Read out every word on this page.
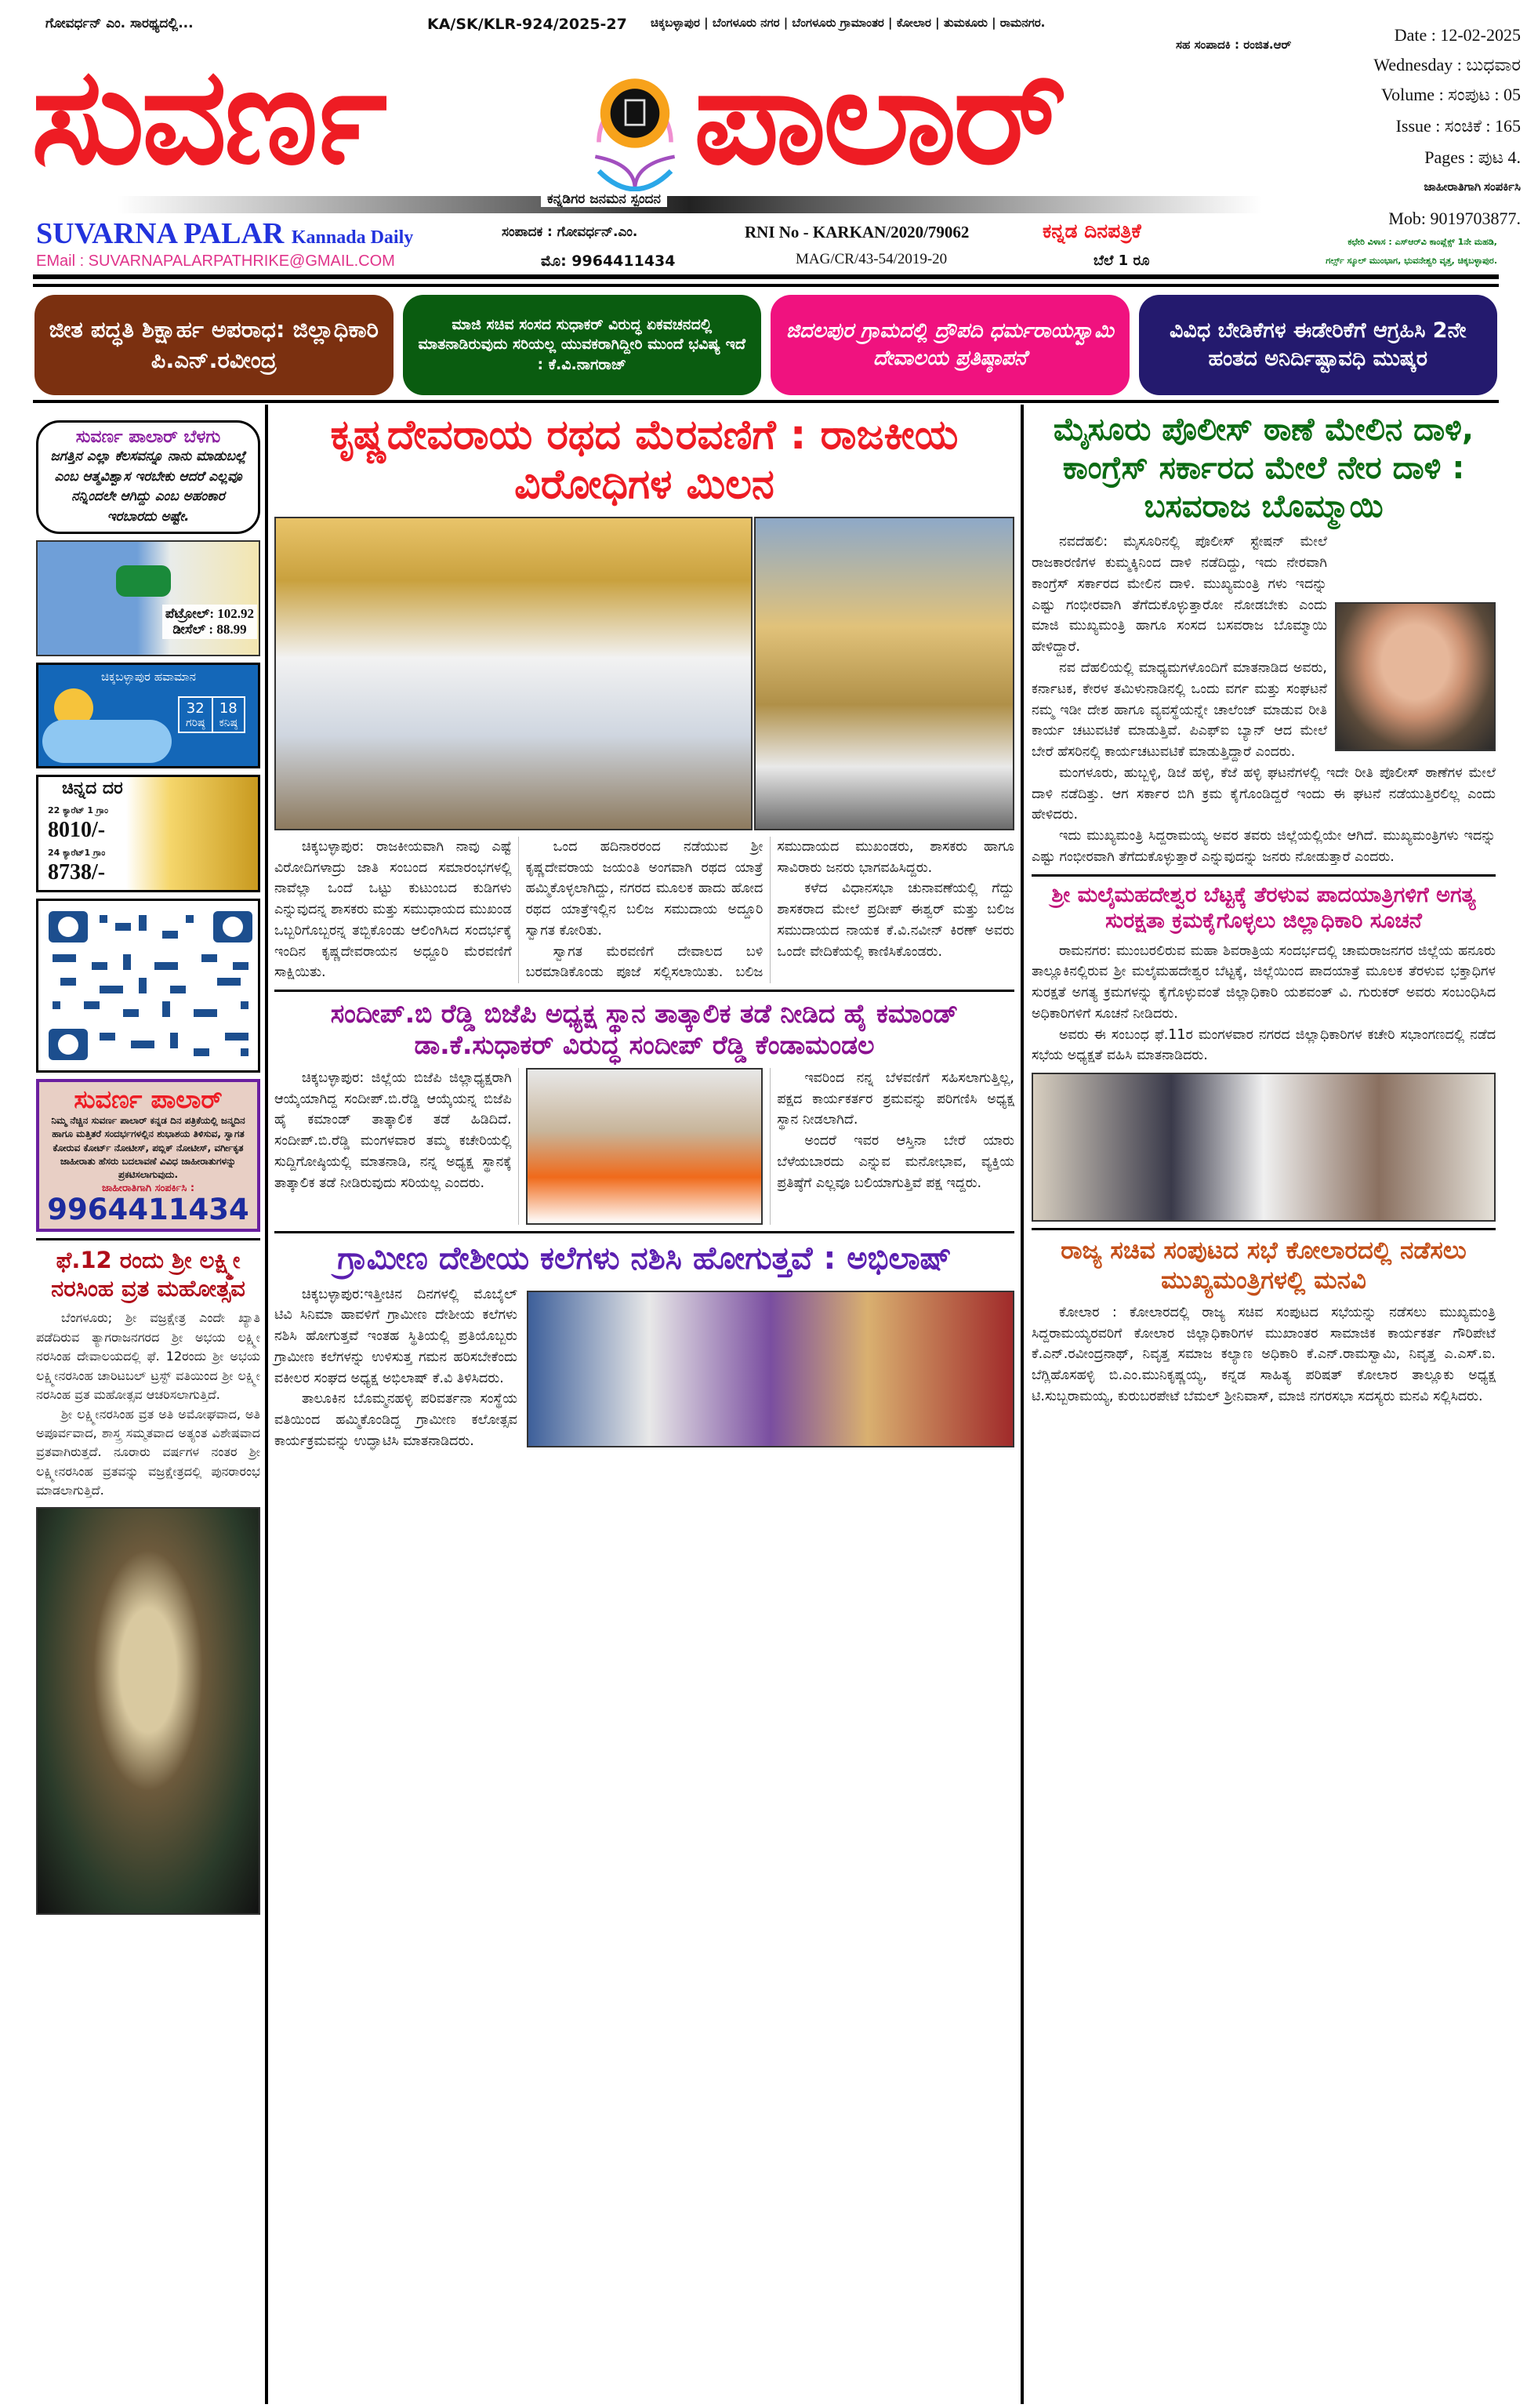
ಗೋವರ್ಧನ್ ಎಂ. ಸಾರಥ್ಯದಲ್ಲಿ...	KA/SK/KLR-924/2025-27 ಚಿಕ್ಕಬಳ್ಳಾಪುರ | ಬೆಂಗಳೂರು ನಗರ | ಬೆಂಗಳೂರು ಗ್ರಾಮಾಂತರ | ಕೋಲಾರ | ತುಮಕೂರು | ರಾಮನಗರ.
ಸಹ ಸಂಪಾದಕಿ : ರಂಜಿತ.ಆರ್
ಸುವರ್ಣ ಪಾಲಾರ್
Date : 12-02-2025
Wednesday : ಬುಧವಾರ
Volume : ಸಂಪುಟ : 05
Issue : ಸಂಚಿಕೆ : 165
Pages : ಪುಟ 4.
ಜಾಹೀರಾತಿಗಾಗಿ ಸಂಪರ್ಕಿಸಿ
Mob: 9019703877.
ಕನ್ನಡಿಗರ ಜನಮನ ಸ್ಪಂದನ
SUVARNA PALAR Kannada Daily
EMail : SUVARNAPALARPATHRIKE@GMAIL.COM
ಸಂಪಾದಕ : ಗೋವರ್ಧನ್.ಎಂ.
ಮೊ: 9964411434
RNI No - KARKAN/2020/79062
MAG/CR/43-54/2019-20
ಕನ್ನಡ ದಿನಪತ್ರಿಕೆ
ಬೆಲೆ 1 ರೂ
ಕಛೇರಿ ವಿಳಾಸ : ಎಸ್‌ಆರ್‌ವಿ ಕಾಂಪ್ಲೆಕ್ಸ್ 1ನೇ ಮಹಡಿ,
ಗರ್ಲ್ಸ್ ಸ್ಕೂಲ್ ಮುಂಭಾಗ, ಭುವನೇಶ್ವರಿ ವೃತ್ತ, ಚಿಕ್ಕಬಳ್ಳಾಪುರ.
ಜೀತ ಪದ್ಧತಿ ಶಿಕ್ಷಾರ್ಹ ಅಪರಾಧ: ಜಿಲ್ಲಾಧಿಕಾರಿ ಪಿ.ಎನ್.ರವೀಂದ್ರ
ಮಾಜಿ ಸಚಿವ ಸಂಸದ ಸುಧಾಕರ್ ವಿರುದ್ಧ ಏಕವಚನದಲ್ಲಿ ಮಾತನಾಡಿರುವುದು ಸರಿಯಲ್ಲ ಯುವಕರಾಗಿದ್ದೀರಿ ಮುಂದೆ ಭವಿಷ್ಯ ಇದೆ : ಕೆ.ವಿ.ನಾಗರಾಜ್
ಜಿದಲಪುರ ಗ್ರಾಮದಲ್ಲಿ ದ್ರೌಪದಿ ಧರ್ಮರಾಯಸ್ವಾಮಿ ದೇವಾಲಯ ಪ್ರತಿಷ್ಠಾಪನೆ
ವಿವಿಧ ಬೇಡಿಕೆಗಳ ಈಡೇರಿಕೆಗೆ ಆಗ್ರಹಿಸಿ 2ನೇ ಹಂತದ ಅನಿರ್ದಿಷ್ಟಾವಧಿ ಮುಷ್ಕರ
ಸುವರ್ಣ ಪಾಲಾರ್ ಬೆಳಗು
ಜಗತ್ತಿನ ಎಲ್ಲಾ ಕೆಲಸವನ್ನೂ ನಾನು ಮಾಡುಬಲ್ಲೆ ಎಂಬ ಆತ್ಮವಿಶ್ವಾಸ ಇರಬೇಕು ಆದರೆ ಎಲ್ಲವೂ ನನ್ನಿಂದಲೇ ಆಗಿದ್ದು ಎಂಬ ಅಹಂಕಾರ ಇರಬಾರದು ಅಷ್ಟೇ.
ಪೆಟ್ರೋಲ್: 102.92
ಡೀಸೆಲ್ : 88.99
ಚಿಕ್ಕಬಳ್ಳಾಪುರ ಹವಾಮಾನ
32
ಗರಿಷ್ಠ
18
ಕನಿಷ್ಠ
ಚಿನ್ನದ ದರ
22 ಕ್ಯಾರೆಟ್ 1 ಗ್ರಾಂ
8010/-
24 ಕ್ಯಾರೆಟ್1 ಗ್ರಾಂ
8738/-
ಸುವರ್ಣ ಪಾಲಾರ್
ನಿಮ್ಮ ನೆಚ್ಚಿನ ಸುವರ್ಣ ಪಾಲಾರ್ ಕನ್ನಡ ದಿನ ಪತ್ರಿಕೆಯಲ್ಲಿ ಜನ್ಮದಿನ ಹಾಗೂ ಮತ್ತಿತರೆ ಸಂದರ್ಭಗಳಲ್ಲಿನ ಶುಭಾಶಯ ತಿಳಿಸುವ, ಸ್ವಾಗತ ಕೋರುವ ಕೋರ್ಟ್ ನೋಟೀಸ್, ಪಬ್ಲಿಕ್ ನೋಟೀಸ್, ವರ್ಗೀಕೃತ ಜಾಹೀರಾತು ಹೆಸರು ಬದಲಾವಣೆ ವಿವಿಧ ಜಾಹೀರಾತುಗಳನ್ನು ಪ್ರಕಟಿಸಲಾಗುವುದು.
ಜಾಹೀರಾತಿಗಾಗಿ ಸಂಪರ್ಕಿಸಿ :
9964411434
ಫೆ.12 ರಂದು ಶ್ರೀ ಲಕ್ಷ್ಮೀ ನರಸಿಂಹ ವ್ರತ ಮಹೋತ್ಸವ

ಬೆಂಗಳೂರು; ಶ್ರೀ ವಜ್ರಕ್ಷೇತ್ರ ಎಂದೇ ಖ್ಯಾತಿ ಪಡೆದಿರುವ ತ್ಯಾಗರಾಜನಗರದ ಶ್ರೀ ಅಭಯ ಲಕ್ಷ್ಮೀ ನರಸಿಂಹ ದೇವಾಲಯದಲ್ಲಿ ಫೆ. 12ರಂದು ಶ್ರೀ ಅಭಯ ಲಕ್ಷ್ಮೀನರಸಿಂಹ ಚಾರಿಟಬಲ್ ಟ್ರಸ್ಟ್ ವತಿಯಿಂದ ಶ್ರೀ ಲಕ್ಷ್ಮೀ ನರಸಿಂಹ ವ್ರತ ಮಹೋತ್ಸವ ಆಚರಿಸಲಾಗುತ್ತಿದೆ.

ಶ್ರೀ ಲಕ್ಷ್ಮೀನರಸಿಂಹ ವ್ರತ ಅತಿ ಅಮೋಘವಾದ, ಅತಿ ಅಪೂರ್ವವಾದ, ಶಾಸ್ತ್ರ ಸಮ್ಮತವಾದ ಅತ್ಯಂತ ವಿಶೇಷವಾದ ವ್ರತವಾಗಿರುತ್ತದೆ. ನೂರಾರು ವರ್ಷಗಳ ನಂತರ ಶ್ರೀ ಲಕ್ಷ್ಮೀನರಸಿಂಹ ವ್ರತವನ್ನು ವಜ್ರಕ್ಷೇತ್ರದಲ್ಲಿ ಪುನರಾರಂಭ ಮಾಡಲಾಗುತ್ತಿದೆ.

ಕೃಷ್ಣದೇವರಾಯ ರಥದ ಮೆರವಣಿಗೆ : ರಾಜಕೀಯ ವಿರೋಧಿಗಳ ಮಿಲನ

ಚಿಕ್ಕಬಳ್ಳಾಪುರ: ರಾಜಕೀಯವಾಗಿ ನಾವು ಎಷ್ಟೆ ವಿರೋದಿಗಳಾದ್ರು ಜಾತಿ ಸಂಬಂದ ಸಮಾರಂಭಗಳಲ್ಲಿ ನಾವೆಲ್ಲಾ ಒಂದೆ ಒಟ್ಟು ಕುಟುಂಬದ ಕುಡಿಗಳು ಎನ್ನುವುದನ್ನ ಶಾಸಕರು ಮತ್ತು ಸಮುಧಾಯದ ಮುಖಂಡ ಒಬ್ಬರಿಗೊಬ್ಬರನ್ನ ತಬ್ಬಿಕೊಂಡು ಆಲಿಂಗಿಸಿದ ಸಂದರ್ಭಕ್ಕೆ ಇಂದಿನ ಕೃಷ್ಣದೇವರಾಯನ ಅಧ್ದೂರಿ ಮೆರವಣಿಗೆ ಸಾಕ್ಷಿಯಿತು.

ಒಂದ ಹದಿನಾರರಂದ ನಡೆಯುವ ಶ್ರೀ ಕೃಷ್ಣದೇವರಾಯ ಜಯಂತಿ ಅಂಗವಾಗಿ ರಥದ ಯಾತ್ರೆ ಹಮ್ಮಿಕೊಳ್ಳಲಾಗಿದ್ದು, ನಗರದ ಮೂಲಕ ಹಾದು ಹೋದ ರಥದ ಯಾತ್ರೆಇಲ್ಲಿನ ಬಲಿಜ ಸಮುದಾಯ ಅದ್ದೂರಿ ಸ್ವಾಗತ ಕೋರಿತು.

ಸ್ವಾಗತ ಮೆರವಣಿಗೆ ದೇವಾಲದ ಬಳಿ ಬರಮಾಡಿಕೊಂಡು ಪೂಜೆ ಸಲ್ಲಿಸಲಾಯಿತು. ಬಲಿಜ ಸಮುದಾಯದ ಮುಖಂಡರು, ಶಾಸಕರು ಹಾಗೂ ಸಾವಿರಾರು ಜನರು ಭಾಗವಹಿಸಿದ್ದರು.

ಕಳೆದ ವಿಧಾನಸಭಾ ಚುನಾವಣೆಯಲ್ಲಿ ಗೆದ್ದು ಶಾಸಕರಾದ ಮೇಲೆ ಪ್ರದೀಪ್ ಈಶ್ವರ್ ಮತ್ತು ಬಲಿಜ ಸಮುದಾಯದ ನಾಯಕ ಕೆ.ವಿ.ನವೀನ್ ಕಿರಣ್ ಅವರು ಒಂದೇ ವೇದಿಕೆಯಲ್ಲಿ ಕಾಣಿಸಿಕೊಂಡರು.

ಸಂದೀಪ್.ಬಿ ರೆಡ್ಡಿ ಬಿಜೆಪಿ ಅಧ್ಯಕ್ಷ ಸ್ಥಾನ ತಾತ್ಕಾಲಿಕ ತಡೆ ನೀಡಿದ ಹೈ ಕಮಾಂಡ್ ಡಾ.ಕೆ.ಸುಧಾಕರ್ ವಿರುದ್ಧ ಸಂದೀಪ್ ರೆಡ್ಡಿ ಕೆಂಡಾಮಂಡಲ

ಚಿಕ್ಕಬಳ್ಳಾಪುರ: ಜಿಲ್ಲೆಯ ಬಿಜೆಪಿ ಜಿಲ್ಲಾಧ್ಯಕ್ಷರಾಗಿ ಆಯ್ಕೆಯಾಗಿದ್ದ ಸಂದೀಪ್.ಬಿ.ರೆಡ್ಡಿ ಆಯ್ಕೆಯನ್ನ ಬಿಜೆಪಿ ಹೈ ಕಮಾಂಡ್ ತಾತ್ಕಾಲಿಕ ತಡೆ ಹಿಡಿದಿದೆ. ಸಂದೀಪ್.ಬಿ.ರೆಡ್ಡಿ ಮಂಗಳವಾರ ತಮ್ಮ ಕಚೇರಿಯಲ್ಲಿ ಸುದ್ದಿಗೋಷ್ಠಿಯಲ್ಲಿ ಮಾತನಾಡಿ, ನನ್ನ ಅಧ್ಯಕ್ಷ ಸ್ಥಾನಕ್ಕೆ ತಾತ್ಕಾಲಿಕ ತಡೆ ನೀಡಿರುವುದು ಸರಿಯಲ್ಲ ಎಂದರು.

ಇವರಿಂದ ನನ್ನ ಬೆಳವಣಿಗೆ ಸಹಿಸಲಾಗುತ್ತಿಲ್ಲ, ಪಕ್ಷದ ಕಾರ್ಯಕರ್ತರ ಶ್ರಮವನ್ನು ಪರಿಗಣಿಸಿ ಅಧ್ಯಕ್ಷ ಸ್ಥಾನ ನೀಡಲಾಗಿದೆ.

ಅಂದರೆ ಇವರ ಆಸ್ತಿನಾ ಬೇರೆ ಯಾರು ಬೆಳೆಯಬಾರದು ಎನ್ನುವ ಮನೋಭಾವ, ವ್ಯಕ್ತಿಯ ಪ್ರತಿಷ್ಠೆಗೆ ಎಲ್ಲವೂ ಬಲಿಯಾಗುತ್ತಿವೆ ಪಕ್ಷ ಇದ್ದರು.

ಗ್ರಾಮೀಣ ದೇಶೀಯ ಕಲೆಗಳು ನಶಿಸಿ ಹೋಗುತ್ತವೆ : ಅಭಿಲಾಷ್

ಚಿಕ್ಕಬಳ್ಳಾಪುರ:ಇತ್ತೀಚಿನ ದಿನಗಳಲ್ಲಿ ಮೊಬೈಲ್ ಟಿವಿ ಸಿನಿಮಾ ಹಾವಳಿಗೆ ಗ್ರಾಮೀಣ ದೇಶೀಯ ಕಲೆಗಳು ನಶಿಸಿ ಹೋಗುತ್ತವೆ ಇಂತಹ ಸ್ಥಿತಿಯಲ್ಲಿ ಪ್ರತಿಯೊಬ್ಬರು ಗ್ರಾಮೀಣ ಕಲೆಗಳನ್ನು ಉಳಿಸುತ್ತ ಗಮನ ಹರಿಸಬೇಕೆಂದು ವಕೀಲರ ಸಂಘದ ಅಧ್ಯಕ್ಷ ಅಭಿಲಾಷ್ ಕೆ.ವಿ ತಿಳಿಸಿದರು.

ತಾಲೂಕಿನ ಬೊಮ್ಮನಹಳ್ಳಿ ಪರಿವರ್ತನಾ ಸಂಸ್ಥೆಯ ವತಿಯಿಂದ ಹಮ್ಮಿಕೊಂಡಿದ್ದ ಗ್ರಾಮೀಣ ಕಲೋತ್ಸವ ಕಾರ್ಯಕ್ರಮವನ್ನು ಉದ್ಘಾಟಿಸಿ ಮಾತನಾಡಿದರು.

ಮೈಸೂರು ಪೊಲೀಸ್ ಠಾಣೆ ಮೇಲಿನ ದಾಳಿ, ಕಾಂಗ್ರೆಸ್ ಸರ್ಕಾರದ ಮೇಲೆ ನೇರ ದಾಳಿ : ಬಸವರಾಜ ಬೊಮ್ಮಾಯಿ

ನವದೆಹಲಿ: ಮೈಸೂರಿನಲ್ಲಿ ಪೊಲೀಸ್ ಸ್ಟೇಷನ್ ಮೇಲೆ ರಾಜಕಾರಣಿಗಳ ಕುಮ್ಮಕ್ಕಿನಿಂದ ದಾಳಿ ನಡೆದಿದ್ದು, ಇದು ನೇರವಾಗಿ ಕಾಂಗ್ರೆಸ್ ಸರ್ಕಾರದ ಮೇಲಿನ ದಾಳಿ. ಮುಖ್ಯಮಂತ್ರಿ ಗಳು ಇದನ್ನು ಎಷ್ಟು ಗಂಭೀರವಾಗಿ ತೆಗೆದುಕೊಳ್ಳುತ್ತಾರೋ ನೋಡಬೇಕು ಎಂದು ಮಾಜಿ ಮುಖ್ಯಮಂತ್ರಿ ಹಾಗೂ ಸಂಸದ ಬಸವರಾಜ ಬೊಮ್ಮಾಯಿ ಹೇಳಿದ್ದಾರೆ.

ನವ ದೆಹಲಿಯಲ್ಲಿ ಮಾಧ್ಯಮಗಳೊಂದಿಗೆ ಮಾತನಾಡಿದ ಅವರು, ಕರ್ನಾಟಕ, ಕೇರಳ ತಮಿಳುನಾಡಿನಲ್ಲಿ ಒಂದು ವರ್ಗ ಮತ್ತು ಸಂಘಟನೆ ನಮ್ಮ ಇಡೀ ದೇಶ ಹಾಗೂ ವ್ಯವಸ್ಥೆಯನ್ನೇ ಚಾಲೆಂಜ್ ಮಾಡುವ ರೀತಿ ಕಾರ್ಯ ಚಟುವಟಿಕೆ ಮಾಡುತ್ತಿವೆ. ಪಿಎಫ್ಐ ಬ್ಯಾನ್ ಆದ ಮೇಲೆ ಬೇರೆ ಹೆಸರಿನಲ್ಲಿ ಕಾರ್ಯಚಟುವಟಿಕೆ ಮಾಡುತ್ತಿದ್ದಾರೆ ಎಂದರು.

ಮಂಗಳೂರು, ಹುಬ್ಬಳ್ಳಿ, ಡಿಜೆ ಹಳ್ಳಿ, ಕೆಜೆ ಹಳ್ಳಿ ಘಟನೆಗಳಲ್ಲಿ ಇದೇ ರೀತಿ ಪೊಲೀಸ್ ಠಾಣೆಗಳ ಮೇಲೆ ದಾಳಿ ನಡೆದಿತ್ತು. ಆಗ ಸರ್ಕಾರ ಬಿಗಿ ಕ್ರಮ ಕೈಗೊಂಡಿದ್ದರೆ ಇಂದು ಈ ಘಟನೆ ನಡೆಯುತ್ತಿರಲಿಲ್ಲ ಎಂದು ಹೇಳಿದರು.

ಇದು ಮುಖ್ಯಮಂತ್ರಿ ಸಿದ್ದರಾಮಯ್ಯ ಅವರ ತವರು ಜಿಲ್ಲೆಯಲ್ಲಿಯೇ ಆಗಿದೆ. ಮುಖ್ಯಮಂತ್ರಿಗಳು ಇದನ್ನು ಎಷ್ಟು ಗಂಭೀರವಾಗಿ ತೆಗೆದುಕೊಳ್ಳುತ್ತಾರೆ ಎನ್ನುವುದನ್ನು ಜನರು ನೋಡುತ್ತಾರೆ ಎಂದರು.

ಶ್ರೀ ಮಲೈಮಹದೇಶ್ವರ ಬೆಟ್ಟಕ್ಕೆ ತೆರಳುವ ಪಾದಯಾತ್ರಿಗಳಿಗೆ ಅಗತ್ಯ ಸುರಕ್ಷತಾ ಕ್ರಮಕೈಗೊಳ್ಳಲು ಜಿಲ್ಲಾಧಿಕಾರಿ ಸೂಚನೆ

ರಾಮನಗರ: ಮುಂಬರಲಿರುವ ಮಹಾ ಶಿವರಾತ್ರಿಯ ಸಂದರ್ಭದಲ್ಲಿ ಚಾಮರಾಜನಗರ ಜಿಲ್ಲೆಯ ಹನೂರು ತಾಲ್ಲೂಕಿನಲ್ಲಿರುವ ಶ್ರೀ ಮಲೈಮಹದೇಶ್ವರ ಬೆಟ್ಟಕ್ಕೆ, ಜಿಲ್ಲೆಯಿಂದ ಪಾದಯಾತ್ರೆ ಮೂಲಕ ತೆರಳುವ ಭಕ್ತಾಧಿಗಳ ಸುರಕ್ಷತೆ ಅಗತ್ಯ ಕ್ರಮಗಳನ್ನು ಕೈಗೊಳ್ಳುವಂತೆ ಜಿಲ್ಲಾಧಿಕಾರಿ ಯಶವಂತ್ ವಿ. ಗುರುಕರ್ ಅವರು ಸಂಬಂಧಿಸಿದ ಅಧಿಕಾರಿಗಳಿಗೆ ಸೂಚನೆ ನೀಡಿದರು.

ಅವರು ಈ ಸಂಬಂಧ ಫೆ.11ರ ಮಂಗಳವಾರ ನಗರದ ಜಿಲ್ಲಾಧಿಕಾರಿಗಳ ಕಚೇರಿ ಸಭಾಂಗಣದಲ್ಲಿ ನಡೆದ ಸಭೆಯ ಅಧ್ಯಕ್ಷತೆ ವಹಿಸಿ ಮಾತನಾಡಿದರು.

ರಾಜ್ಯ ಸಚಿವ ಸಂಪುಟದ ಸಭೆ ಕೋಲಾರದಲ್ಲಿ ನಡೆಸಲು ಮುಖ್ಯಮಂತ್ರಿಗಳಲ್ಲಿ ಮನವಿ

ಕೋಲಾರ : ಕೋಲಾರದಲ್ಲಿ ರಾಜ್ಯ ಸಚಿವ ಸಂಪುಟದ ಸಭೆಯನ್ನು ನಡೆಸಲು ಮುಖ್ಯಮಂತ್ರಿ ಸಿದ್ದರಾಮಯ್ಯರವರಿಗೆ ಕೋಲಾರ ಜಿಲ್ಲಾಧಿಕಾರಿಗಳ ಮುಖಾಂತರ ಸಾಮಾಜಿಕ ಕಾರ್ಯಕರ್ತ ಗೌರಿಪೇಟೆ ಕೆ.ಎನ್.ರವೀಂದ್ರನಾಥ್, ನಿವೃತ್ತ ಸಮಾಜ ಕಲ್ಯಾಣ ಅಧಿಕಾರಿ ಕೆ.ಎನ್.ರಾಮಸ್ವಾಮಿ, ನಿವೃತ್ತ ಎ.ಎಸ್.ಐ. ಬೆಗ್ಲಿಹೊಸಹಳ್ಳಿ ಬಿ.ಎಂ.ಮುನಿಕೃಷ್ಣಯ್ಯ, ಕನ್ನಡ ಸಾಹಿತ್ಯ ಪರಿಷತ್ ಕೋಲಾರ ತಾಲ್ಲೂಕು ಅಧ್ಯಕ್ಷ ಟಿ.ಸುಬ್ಬರಾಮಯ್ಯ, ಕುರುಬರಪೇಟೆ ಬೆಮಲ್ ಶ್ರೀನಿವಾಸ್, ಮಾಜಿ ನಗರಸಭಾ ಸದಸ್ಯರು ಮನವಿ ಸಲ್ಲಿಸಿದರು.
